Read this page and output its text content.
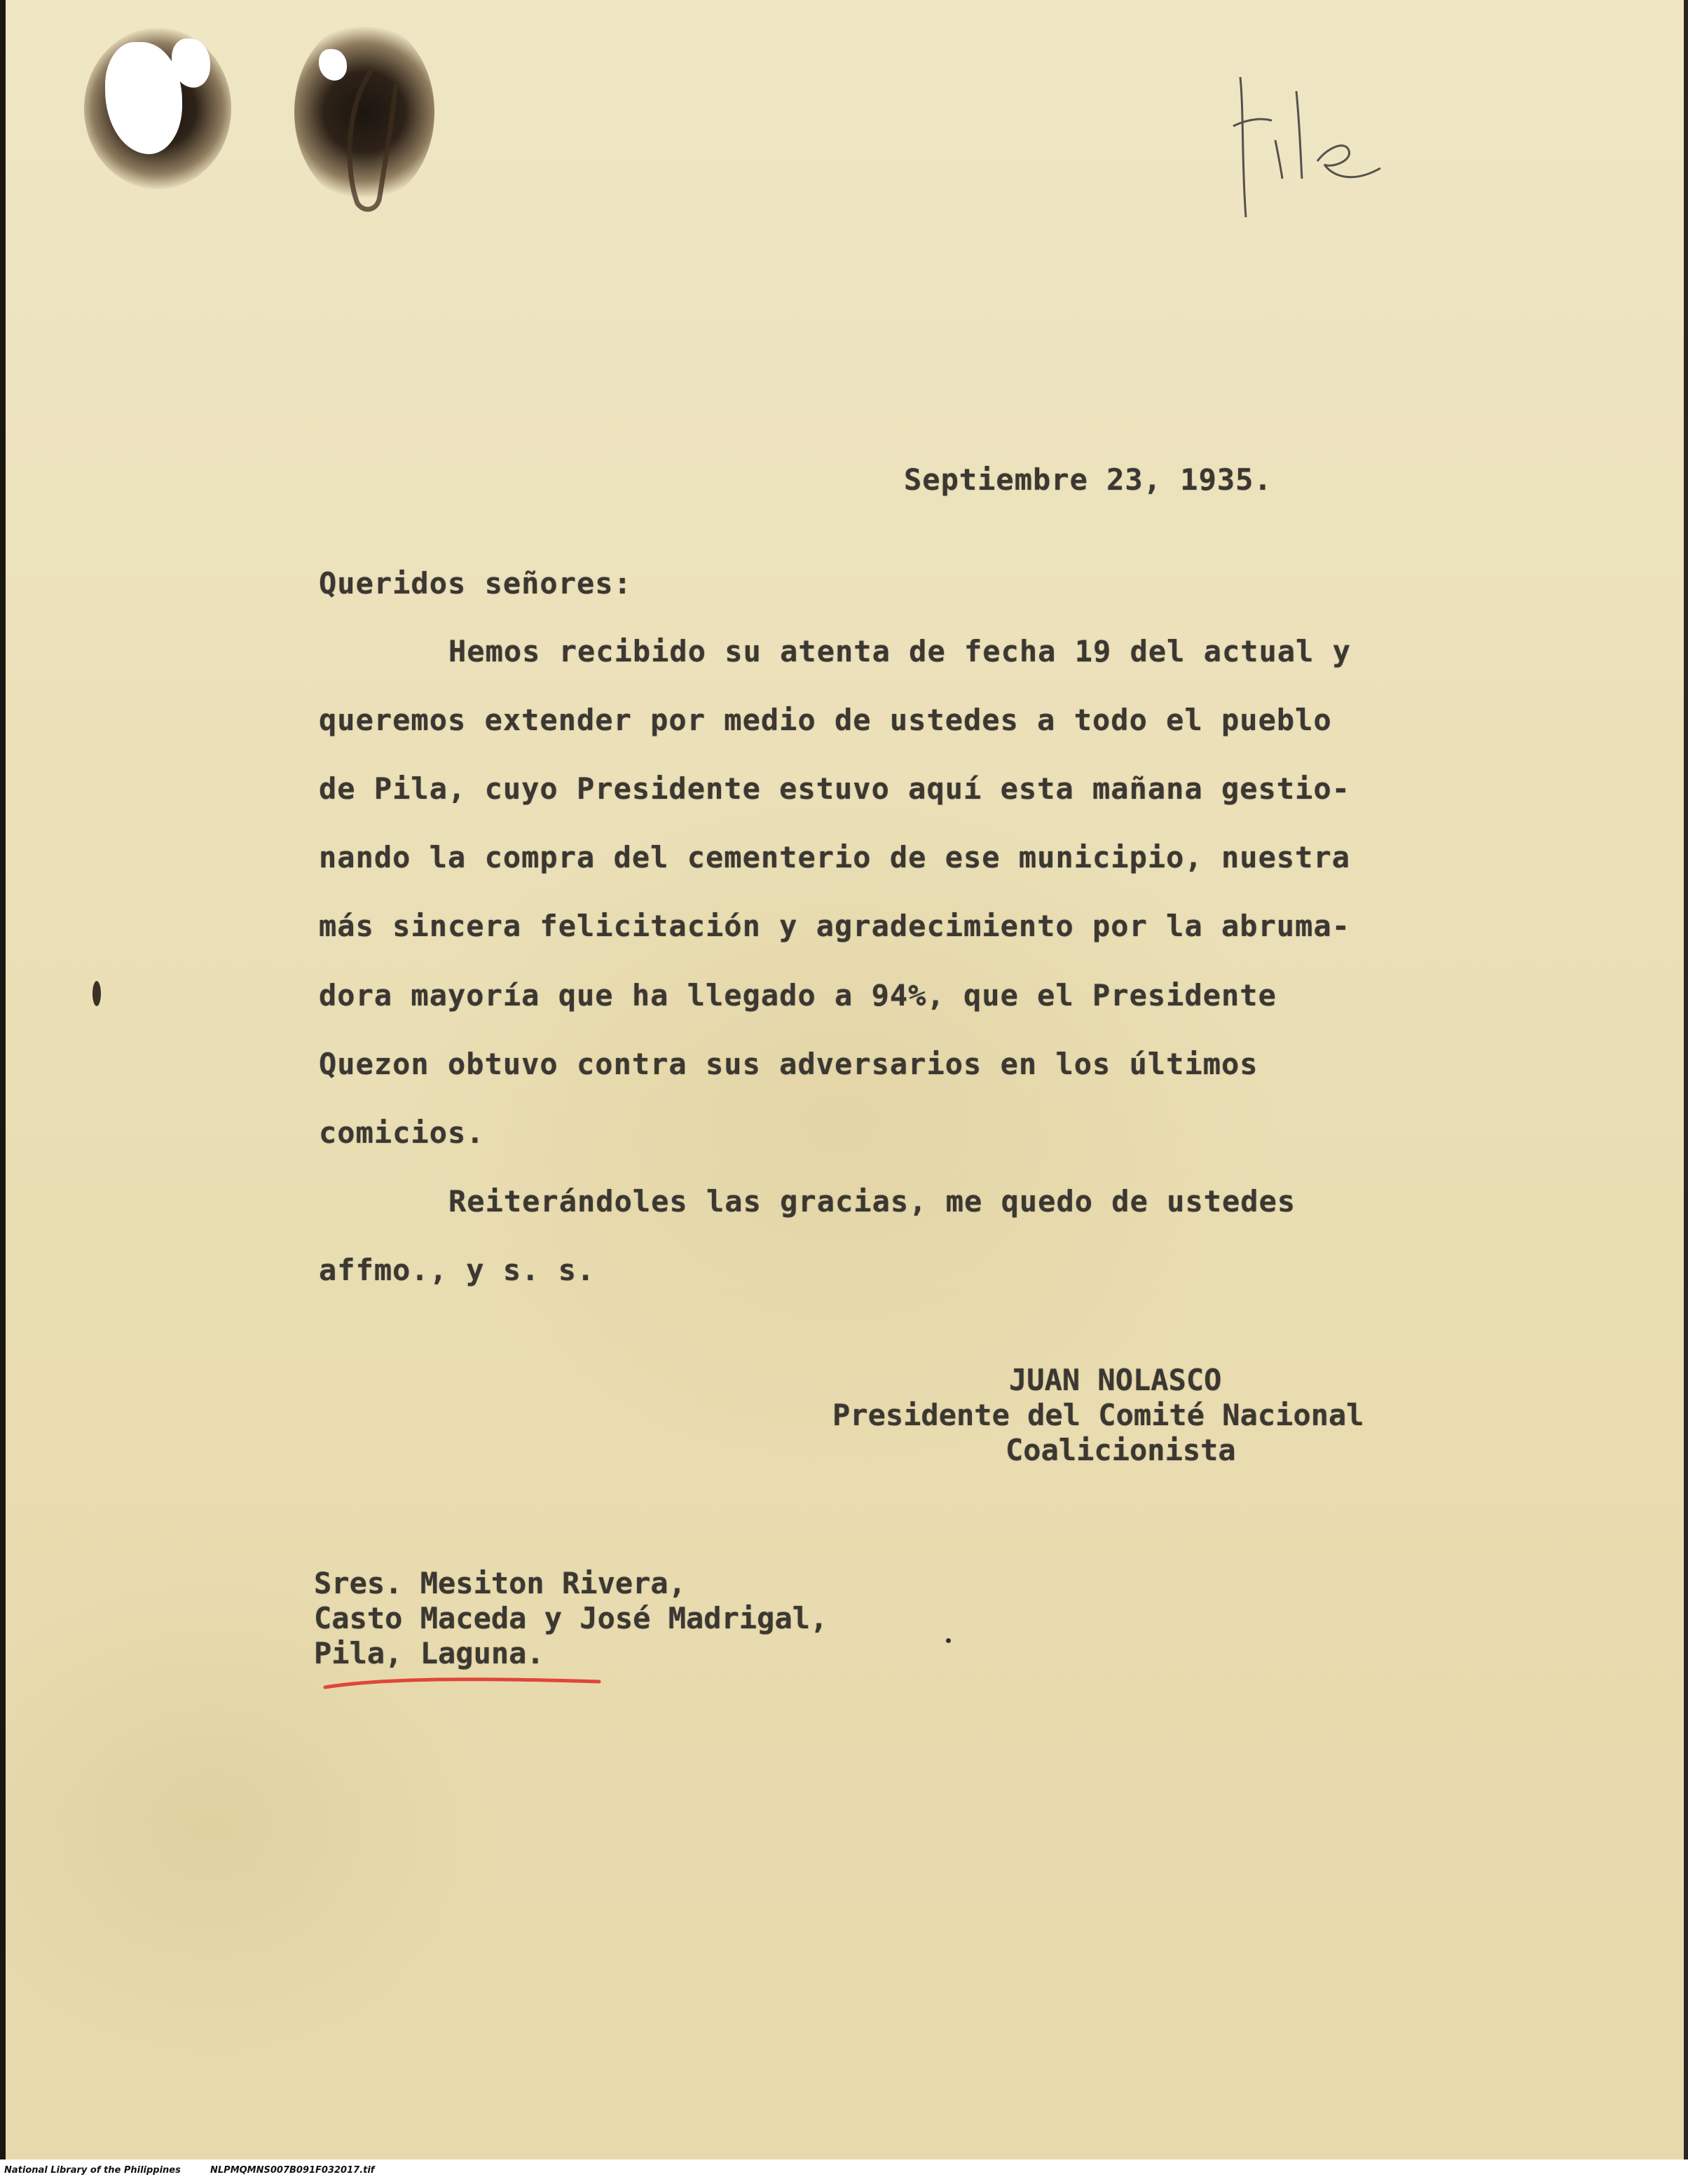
file
Septiembre 23, 1935.
Queridos señores:
Hemos recibido su atenta de fecha 19 del actual y
queremos extender por medio de ustedes a todo el pueblo
de Pila, cuyo Presidente estuvo aquí esta mañana gestio-
nando la compra del cementerio de ese municipio, nuestra
más sincera felicitación y agradecimiento por la abruma-
dora mayoría que ha llegado a 94%, que el Presidente
Quezon obtuvo contra sus adversarios en los últimos
comicios.
Reiterándoles las gracias, me quedo de ustedes
affmo., y s. s.
JUAN NOLASCO
Presidente del Comité Nacional
Coalicionista
Sres. Mesiton Rivera,
Casto Maceda y José Madrigal,
Pila, Laguna.
National Library of the Philippines	NLPMQMNS007B091F032017.tif
